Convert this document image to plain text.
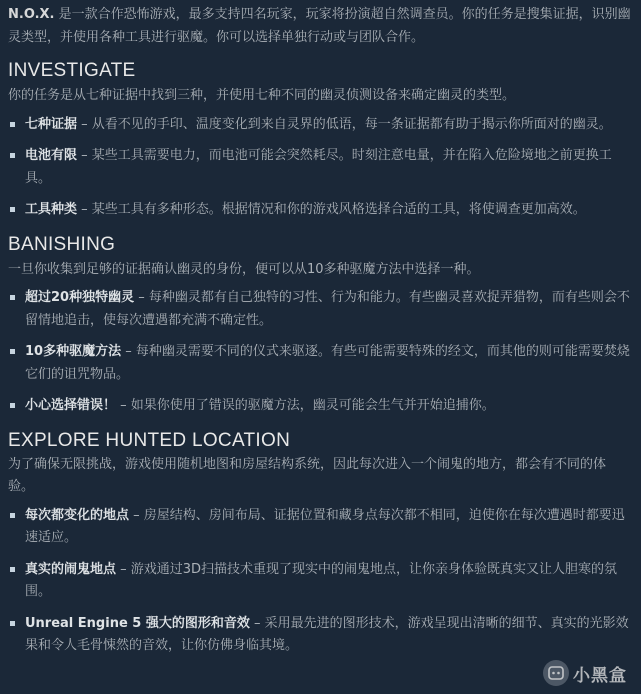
N.O.X. 是一款合作恐怖游戏，最多支持四名玩家，玩家将扮演超自然调查员。你的任务是搜集证据，识别幽灵类型，并使用各种工具进行驱魔。你可以选择单独行动或与团队合作。

INVESTIGATE

你的任务是从七种证据中找到三种，并使用七种不同的幽灵侦测设备来确定幽灵的类型。

七种证据 – 从看不见的手印、温度变化到来自灵界的低语，每一条证据都有助于揭示你所面对的幽灵。
电池有限 – 某些工具需要电力，而电池可能会突然耗尽。时刻注意电量，并在陷入危险境地之前更换工具。
工具种类 – 某些工具有多种形态。根据情况和你的游戏风格选择合适的工具，将使调查更加高效。
BANISHING

一旦你收集到足够的证据确认幽灵的身份，便可以从10多种驱魔方法中选择一种。

超过20种独特幽灵 – 每种幽灵都有自己独特的习性、行为和能力。有些幽灵喜欢捉弄猎物，而有些则会不留情地追击，使每次遭遇都充满不确定性。
10多种驱魔方法 – 每种幽灵需要不同的仪式来驱逐。有些可能需要特殊的经文，而其他的则可能需要焚烧它们的诅咒物品。
小心选择错误！ – 如果你使用了错误的驱魔方法，幽灵可能会生气并开始追捕你。
EXPLORE HUNTED LOCATION

为了确保无限挑战，游戏使用随机地图和房屋结构系统，因此每次进入一个闹鬼的地方，都会有不同的体验。

每次都变化的地点 – 房屋结构、房间布局、证据位置和藏身点每次都不相同，迫使你在每次遭遇时都要迅速适应。
真实的闹鬼地点 – 游戏通过3D扫描技术重现了现实中的闹鬼地点，让你亲身体验既真实又让人胆寒的氛围。
Unreal Engine 5 强大的图形和音效 – 采用最先进的图形技术，游戏呈现出清晰的细节、真实的光影效果和令人毛骨悚然的音效，让你仿佛身临其境。
小黑盒
